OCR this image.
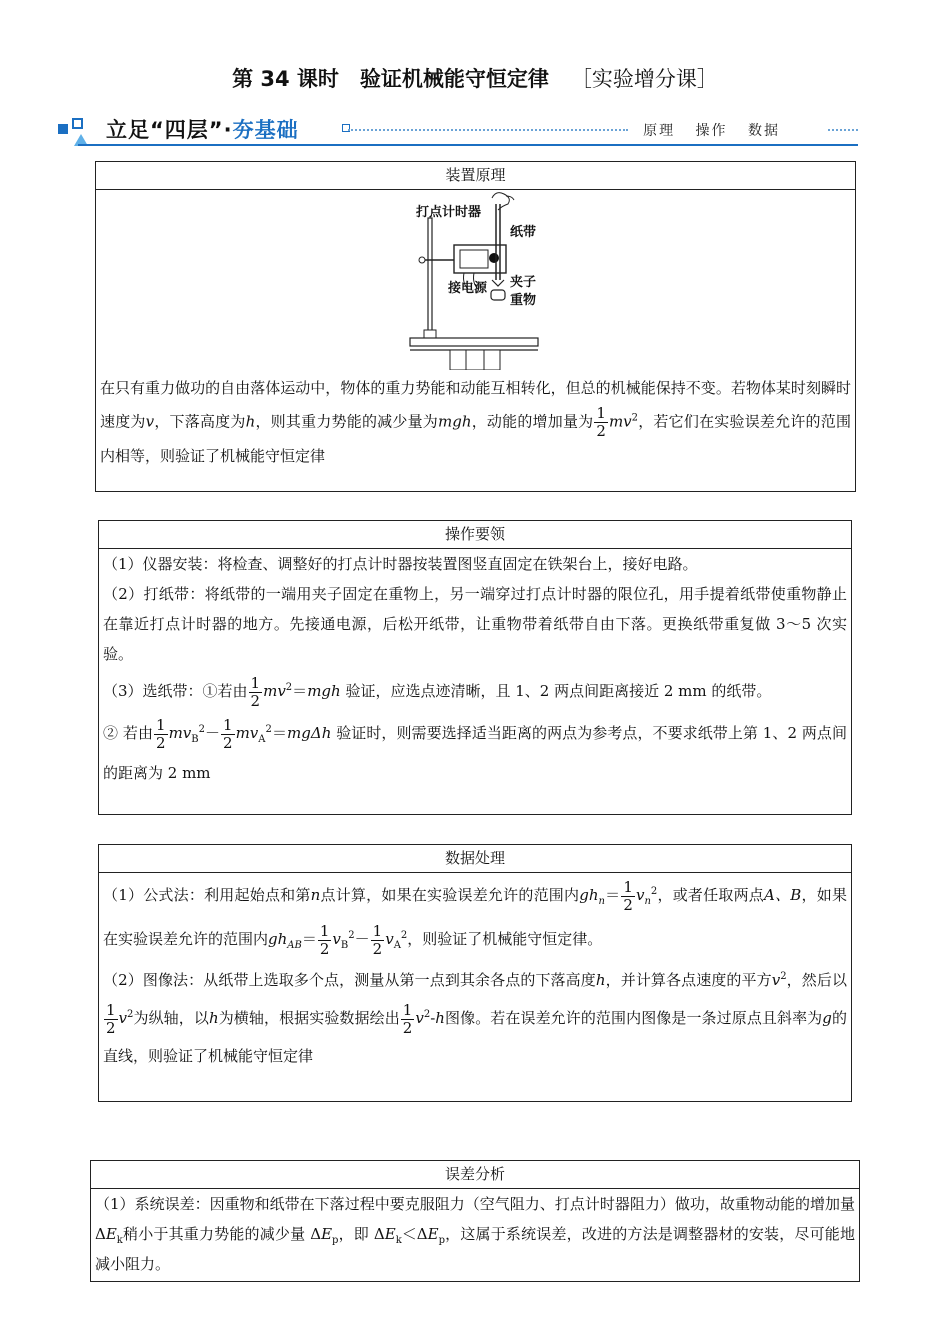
第 34 课时　验证机械能守恒定律 ［实验增分课］
立足“四层”·夯基础	原理 操作 数据
装置原理
打点计时器
纸带
接电源 夹子
重物

在只有重力做功的自由落体运动中，物体的重力势能和动能互相转化，但总的机械能保持不变。若物体某时刻瞬时速度为v，下落高度为h，则其重力势能的减少量为mgh，动能的增加量为 $\frac{1}{2} mv^2$，若它们在实验误差允许的范围内相等，则验证了机械能守恒定律

操作要领

（1）仪器安装：将检查、调整好的打点计时器按装置图竖直固定在铁架台上，接好电路。

（2）打纸带：将纸带的一端用夹子固定在重物上，另一端穿过打点计时器的限位孔，用手提着纸带使重物静止在靠近打点计时器的地方。先接通电源，后松开纸带，让重物带着纸带自由下落。更换纸带重复做 3～5 次实验。

（3）选纸带：①若由 $\frac{1}{2} mv^2=mgh$ 验证，应选点迹清晰，且 1、2 两点间距离接近 2 mm 的纸带。

② 若由 $\frac{1}{2} mv_B^2- \frac{1}{2} mv_A^2=mg\Delta h$ 验证时，则需要选择适当距离的两点为参考点，不要求纸带上第 1、2 两点间的距离为 2 mm

数据处理

（1）公式法：利用起始点和第n点计算，如果在实验误差允许的范围内$gh_n= \frac{1}{2} v_n^2$，或者任取两点A、B，如果在实验误差允许的范围内$gh_{AB}= \frac{1}{2} v_B^2- \frac{1}{2} v_A^2$，则验证了机械能守恒定律。

（2）图像法：从纸带上选取多个点，测量从第一点到其余各点的下落高度h，并计算各点速度的平方$v^2$，然后以
$\frac{1}{2} v^2$为纵轴，以h为横轴，根据实验数据绘出 $\frac{1}{2} v^2-h$图像。若在误差允许的范围内图像是一条过原点且斜率为g的直线，则验证了机械能守恒定律

误差分析

（1）系统误差：因重物和纸带在下落过程中要克服阻力（空气阻力、打点计时器阻力）做功，故重物动能的增加量 $\Delta E_k$稍小于其重力势能的减少量 $\Delta E_p$，即 $\Delta E_k<\Delta E_p$，这属于系统误差，改进的方法是调整器材的安装，尽可能地减小阻力。
